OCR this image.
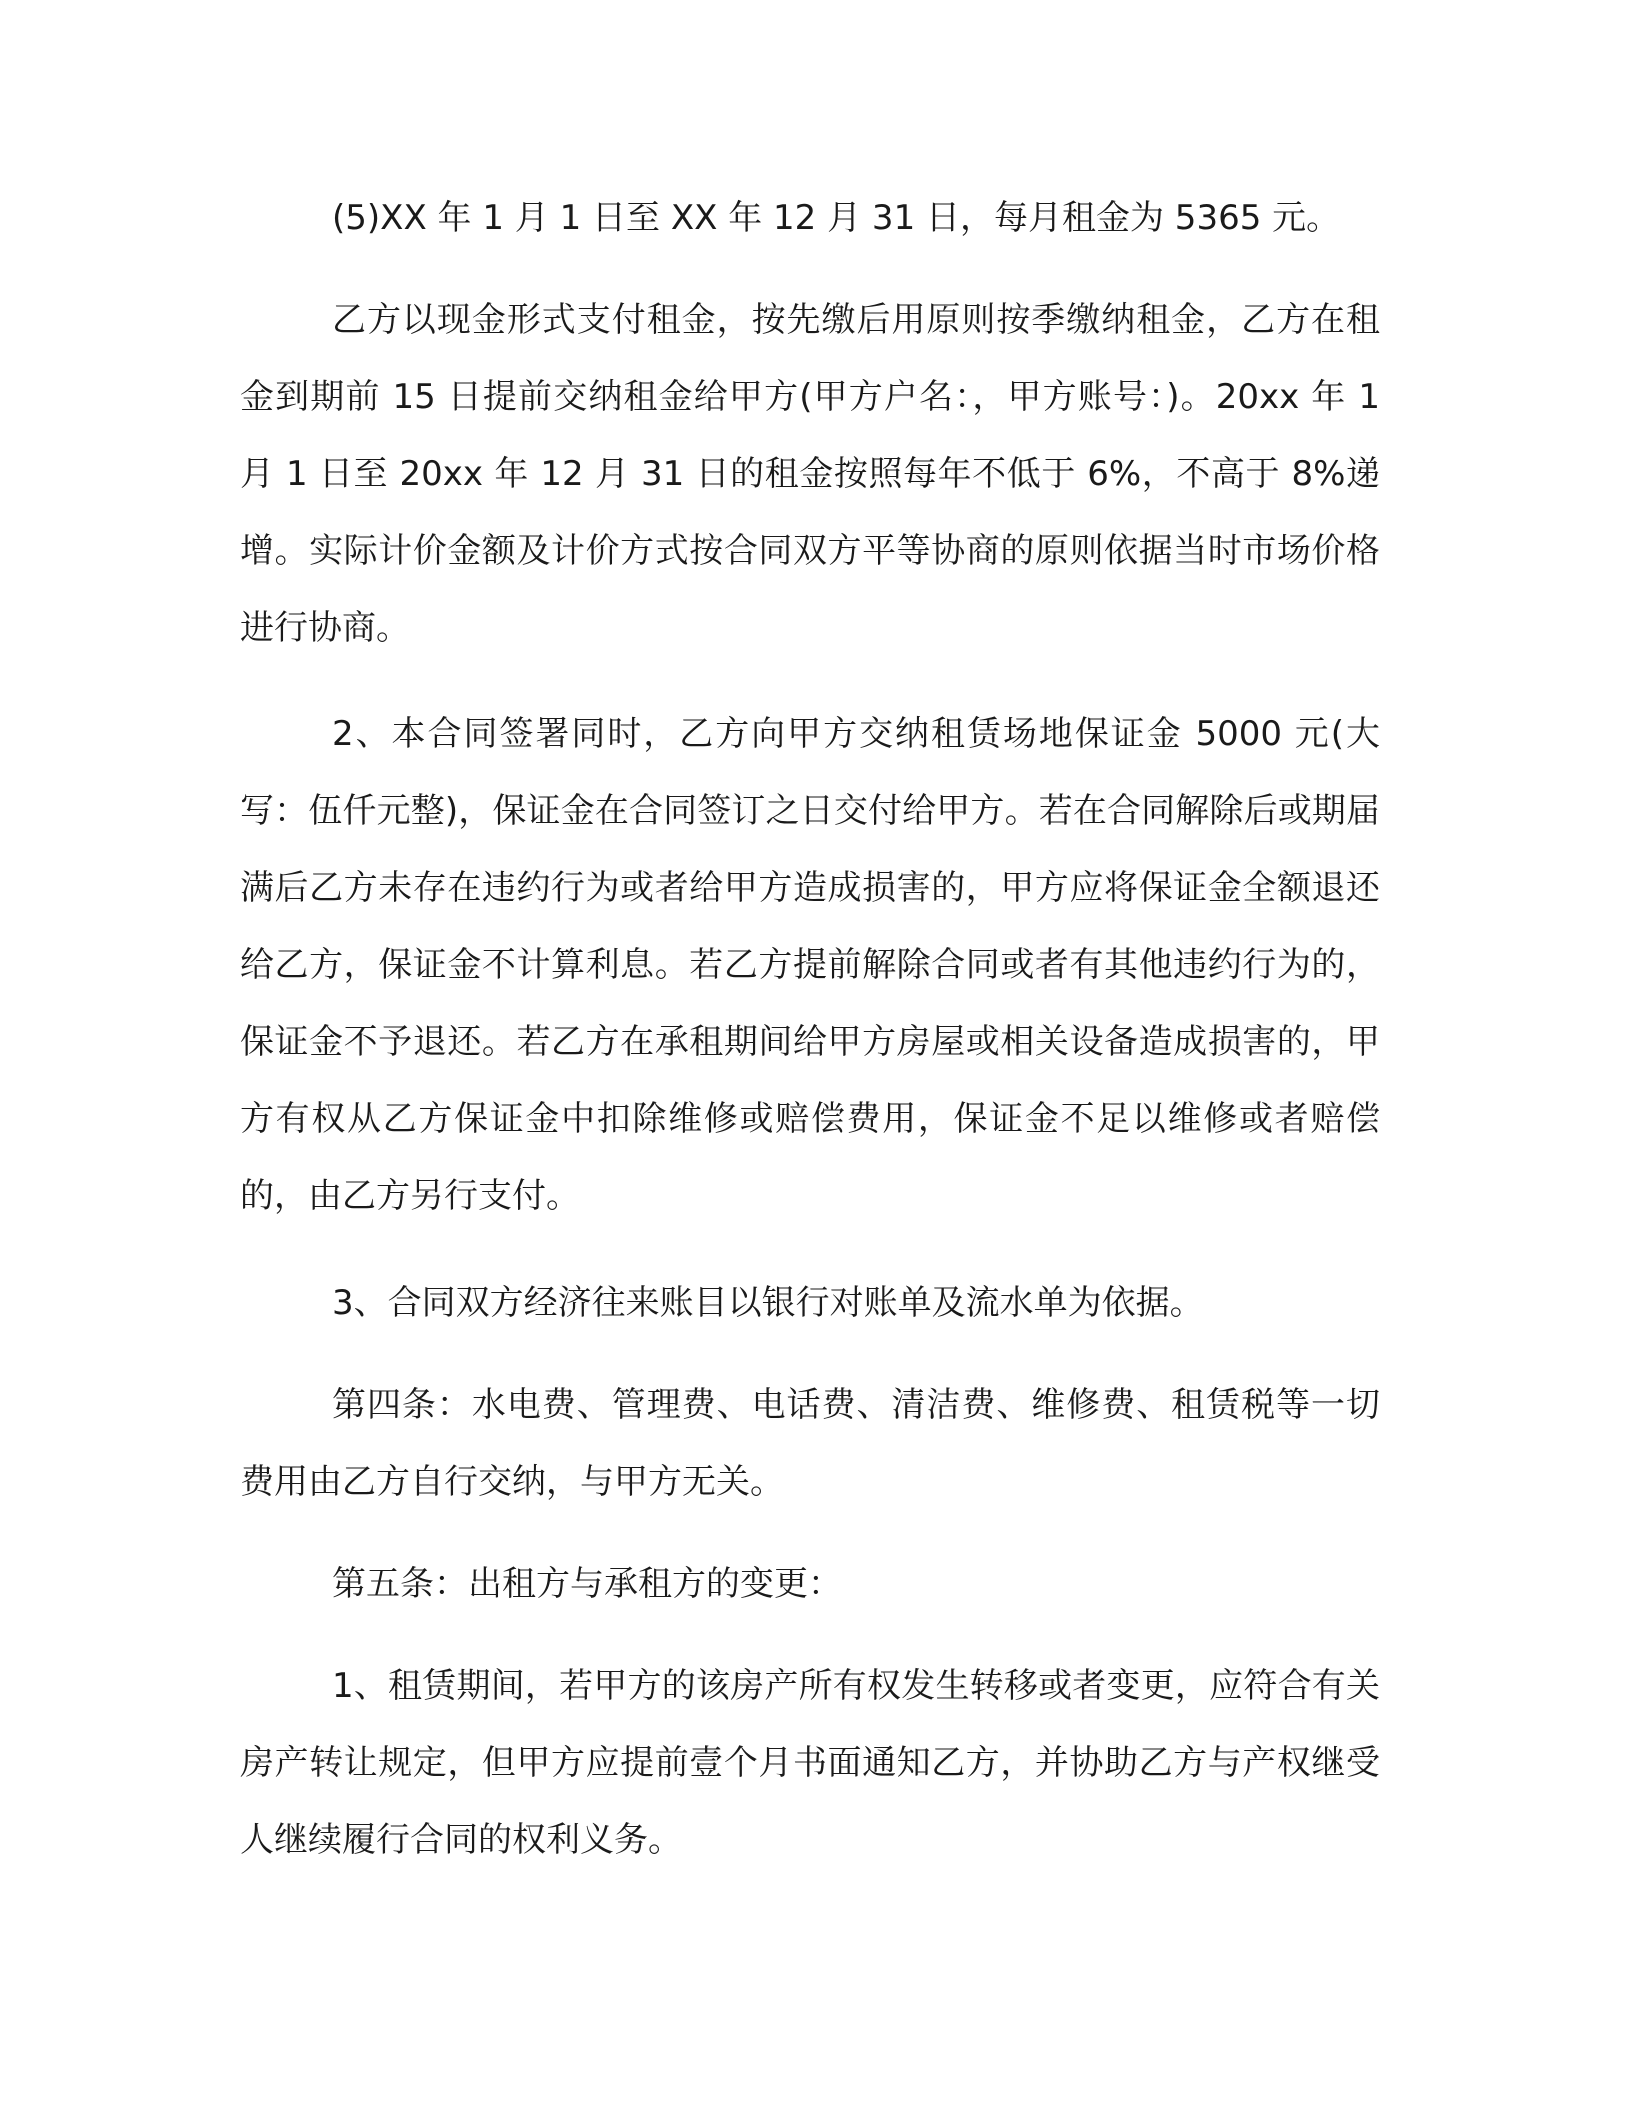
(5)XX 年 1 月 1 日至 XX 年 12 月 31 日，每月租金为 5365 元。

乙方以现金形式支付租金，按先缴后用原则按季缴纳租金，乙方在租金到期前 15 日提前交纳租金给甲方(甲方户名：，甲方账号：)。20xx 年 1 月 1 日至 20xx 年 12 月 31 日的租金按照每年不低于 6%，不高于 8%递增。实际计价金额及计价方式按合同双方平等协商的原则依据当时市场价格进行协商。

2、本合同签署同时，乙方向甲方交纳租赁场地保证金 5000 元(大写：伍仟元整)，保证金在合同签订之日交付给甲方。若在合同解除后或期届满后乙方未存在违约行为或者给甲方造成损害的，甲方应将保证金全额退还给乙方，保证金不计算利息。若乙方提前解除合同或者有其他违约行为的，保证金不予退还。若乙方在承租期间给甲方房屋或相关设备造成损害的，甲方有权从乙方保证金中扣除维修或赔偿费用，保证金不足以维修或者赔偿的，由乙方另行支付。

3、合同双方经济往来账目以银行对账单及流水单为依据。

第四条：水电费、管理费、电话费、清洁费、维修费、租赁税等一切费用由乙方自行交纳，与甲方无关。

第五条：出租方与承租方的变更：

1、租赁期间，若甲方的该房产所有权发生转移或者变更，应符合有关房产转让规定，但甲方应提前壹个月书面通知乙方，并协助乙方与产权继受人继续履行合同的权利义务。
